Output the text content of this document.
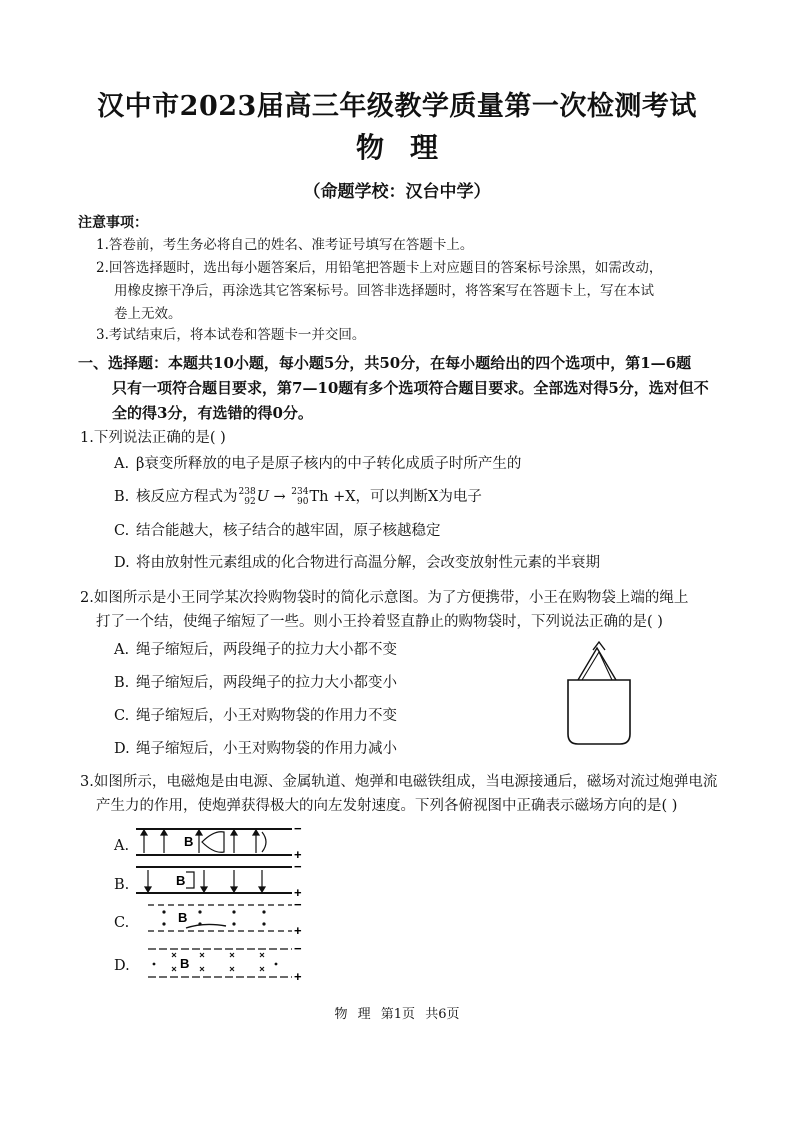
汉中市2023届高三年级教学质量第一次检测考试
物理
（命题学校：汉台中学）
注意事项：
1.答卷前，考生务必将自己的姓名、准考证号填写在答题卡上。
2.回答选择题时，选出每小题答案后，用铅笔把答题卡上对应题目的答案标号涂黑，如需改动，
用橡皮擦干净后，再涂选其它答案标号。回答非选择题时，将答案写在答题卡上，写在本试
卷上无效。
3.考试结束后，将本试卷和答题卡一并交回。
一、选择题：本题共10小题，每小题5分，共50分，在每小题给出的四个选项中，第1—6题
只有一项符合题目要求，第7—10题有多个选项符合题目要求。全部选对得5分，选对但不
全的得3分，有选错的得0分。
1.下列说法正确的是( )
A. β衰变所释放的电子是原子核内的中子转化成质子时所产生的
B. 核反应方程式为 238
92 U → 234
90 Th +X，可以判断X为电子
C. 结合能越大，核子结合的越牢固，原子核越稳定
D. 将由放射性元素组成的化合物进行高温分解，会改变放射性元素的半衰期
2.如图所示是小王同学某次拎购物袋时的简化示意图。为了方便携带，小王在购物袋上端的绳上
打了一个结，使绳子缩短了一些。则小王拎着竖直静止的购物袋时，下列说法正确的是( )
A. 绳子缩短后，两段绳子的拉力大小都不变
B. 绳子缩短后，两段绳子的拉力大小都变小
C. 绳子缩短后，小王对购物袋的作用力不变
D. 绳子缩短后，小王对购物袋的作用力减小
3.如图所示，电磁炮是由电源、金属轨道、炮弹和电磁铁组成，当电源接通后，磁场对流过炮弹电流
产生力的作用，使炮弹获得极大的向左发射速度。下列各俯视图中正确表示磁场方向的是( )
A.	B
−
+
B.	B
−
+
C.	B
−
+
D.	B
−
+
物 理 第1页 共6页
